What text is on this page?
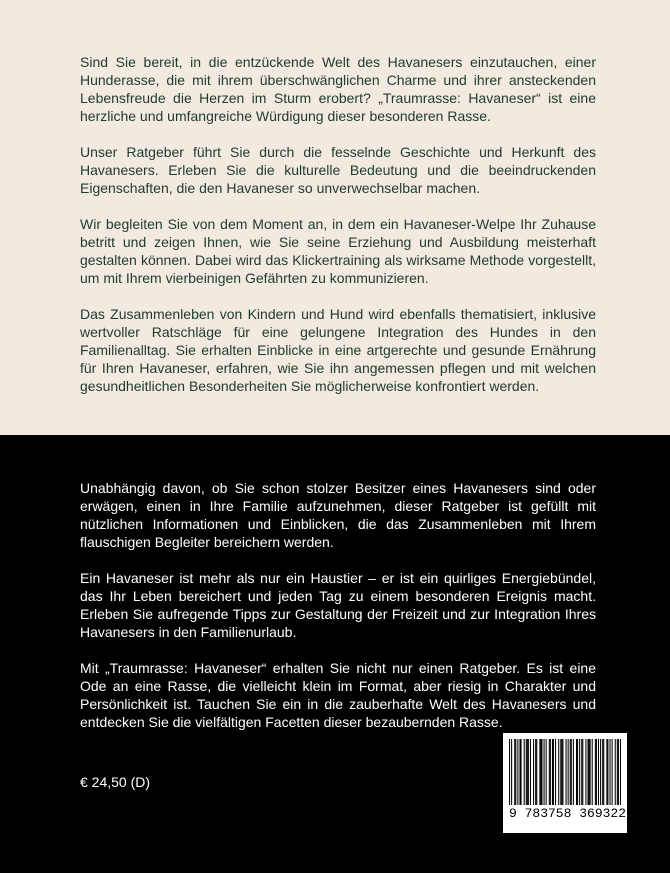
Sind Sie bereit, in die entzückende Welt des Havanesers einzutauchen, einer Hunderasse, die mit ihrem überschwänglichen Charme und ihrer ansteckenden Lebensfreude die Herzen im Sturm erobert? „Traumrasse: Havaneser“ ist eine herzliche und umfangreiche Würdigung dieser besonderen Rasse.

Unser Ratgeber führt Sie durch die fesselnde Geschichte und Herkunft des Havanesers. Erleben Sie die kulturelle Bedeutung und die beeindruckenden Eigenschaften, die den Havaneser so unverwechselbar machen.

Wir begleiten Sie von dem Moment an, in dem ein Havaneser-Welpe Ihr Zuhause betritt und zeigen Ihnen, wie Sie seine Erziehung und Ausbildung meisterhaft gestalten können. Dabei wird das Klickertraining als wirksame Methode vorgestellt, um mit Ihrem vierbeinigen Gefährten zu kommunizieren.

Das Zusammenleben von Kindern und Hund wird ebenfalls thematisiert, inklusive wertvoller Ratschläge für eine gelungene Integration des Hundes in den Familienalltag. Sie erhalten Einblicke in eine artgerechte und gesunde Ernährung für Ihren Havaneser, erfahren, wie Sie ihn angemessen pflegen und mit welchen gesundheitlichen Besonderheiten Sie möglicherweise konfrontiert werden.

Unabhängig davon, ob Sie schon stolzer Besitzer eines Havanesers sind oder erwägen, einen in Ihre Familie aufzunehmen, dieser Ratgeber ist gefüllt mit nützlichen Informationen und Einblicken, die das Zusammenleben mit Ihrem flauschigen Begleiter bereichern werden.

Ein Havaneser ist mehr als nur ein Haustier – er ist ein quirliges Energiebündel, das Ihr Leben bereichert und jeden Tag zu einem besonderen Ereignis macht. Erleben Sie aufregende Tipps zur Gestaltung der Freizeit und zur Integration Ihres Havanesers in den Familienurlaub.

Mit „Traumrasse: Havaneser“ erhalten Sie nicht nur einen Ratgeber. Es ist eine Ode an eine Rasse, die vielleicht klein im Format, aber riesig in Charakter und Persönlichkeit ist. Tauchen Sie ein in die zauberhafte Welt des Havanesers und entdecken Sie die vielfältigen Facetten dieser bezaubernden Rasse.

€ 24,50 (D)
9 783758 369322
